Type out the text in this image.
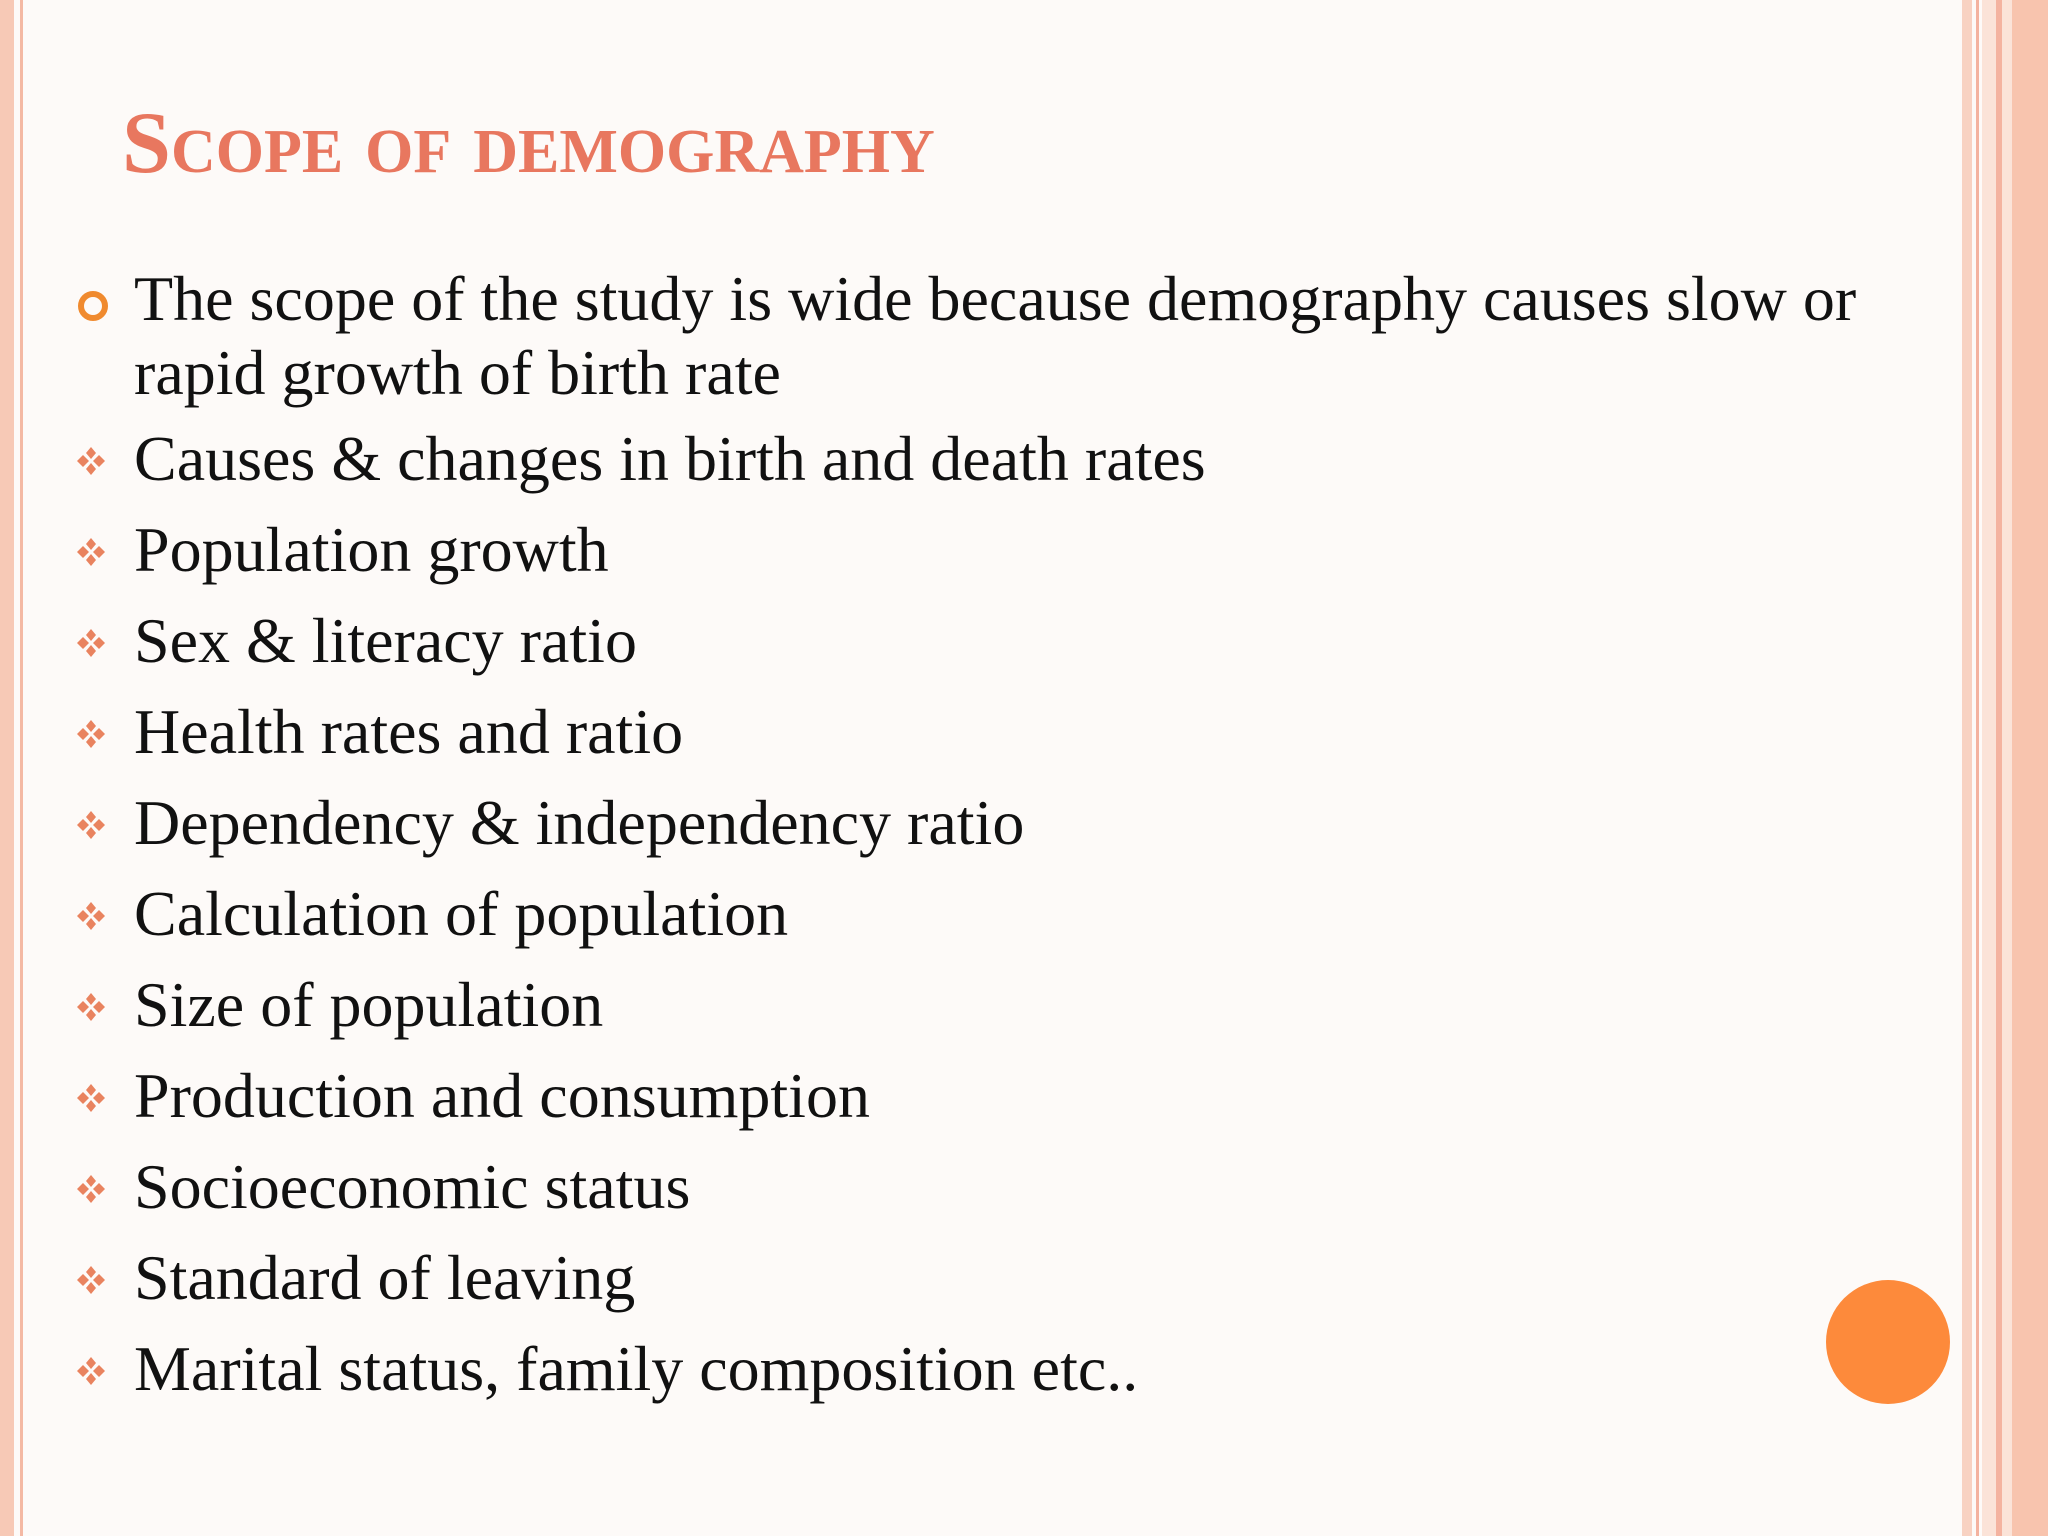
Scope of demography
The scope of the study is wide because demography causes slow or rapid growth of birth rate
Causes & changes in birth and death rates
Population growth
Sex & literacy ratio
Health rates and ratio
Dependency & independency ratio
Calculation of population
Size of population
Production and consumption
Socioeconomic status
Standard of leaving
Marital status, family composition etc..
